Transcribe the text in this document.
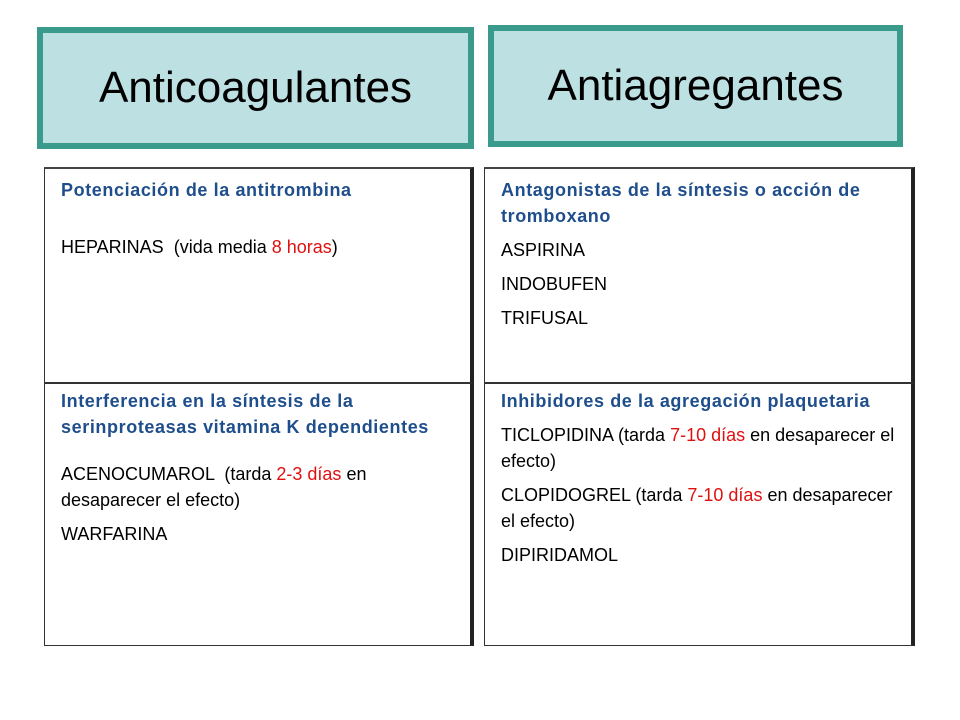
Anticoagulantes	Antiagregantes

Potenciación de la antitrombina

HEPARINAS  (vida media 8 horas)

Interferencia en la síntesis de la serinproteasas vitamina K dependientes

ACENOCUMAROL  (tarda 2-3 días en desaparecer el efecto)

WARFARINA

Antagonistas de la síntesis o acción de tromboxano

ASPIRINA

INDOBUFEN

TRIFUSAL

Inhibidores de la agregación plaquetaria

TICLOPIDINA (tarda 7-10 días en desaparecer el efecto)

CLOPIDOGREL (tarda 7-10 días en desaparecer el efecto)

DIPIRIDAMOL
